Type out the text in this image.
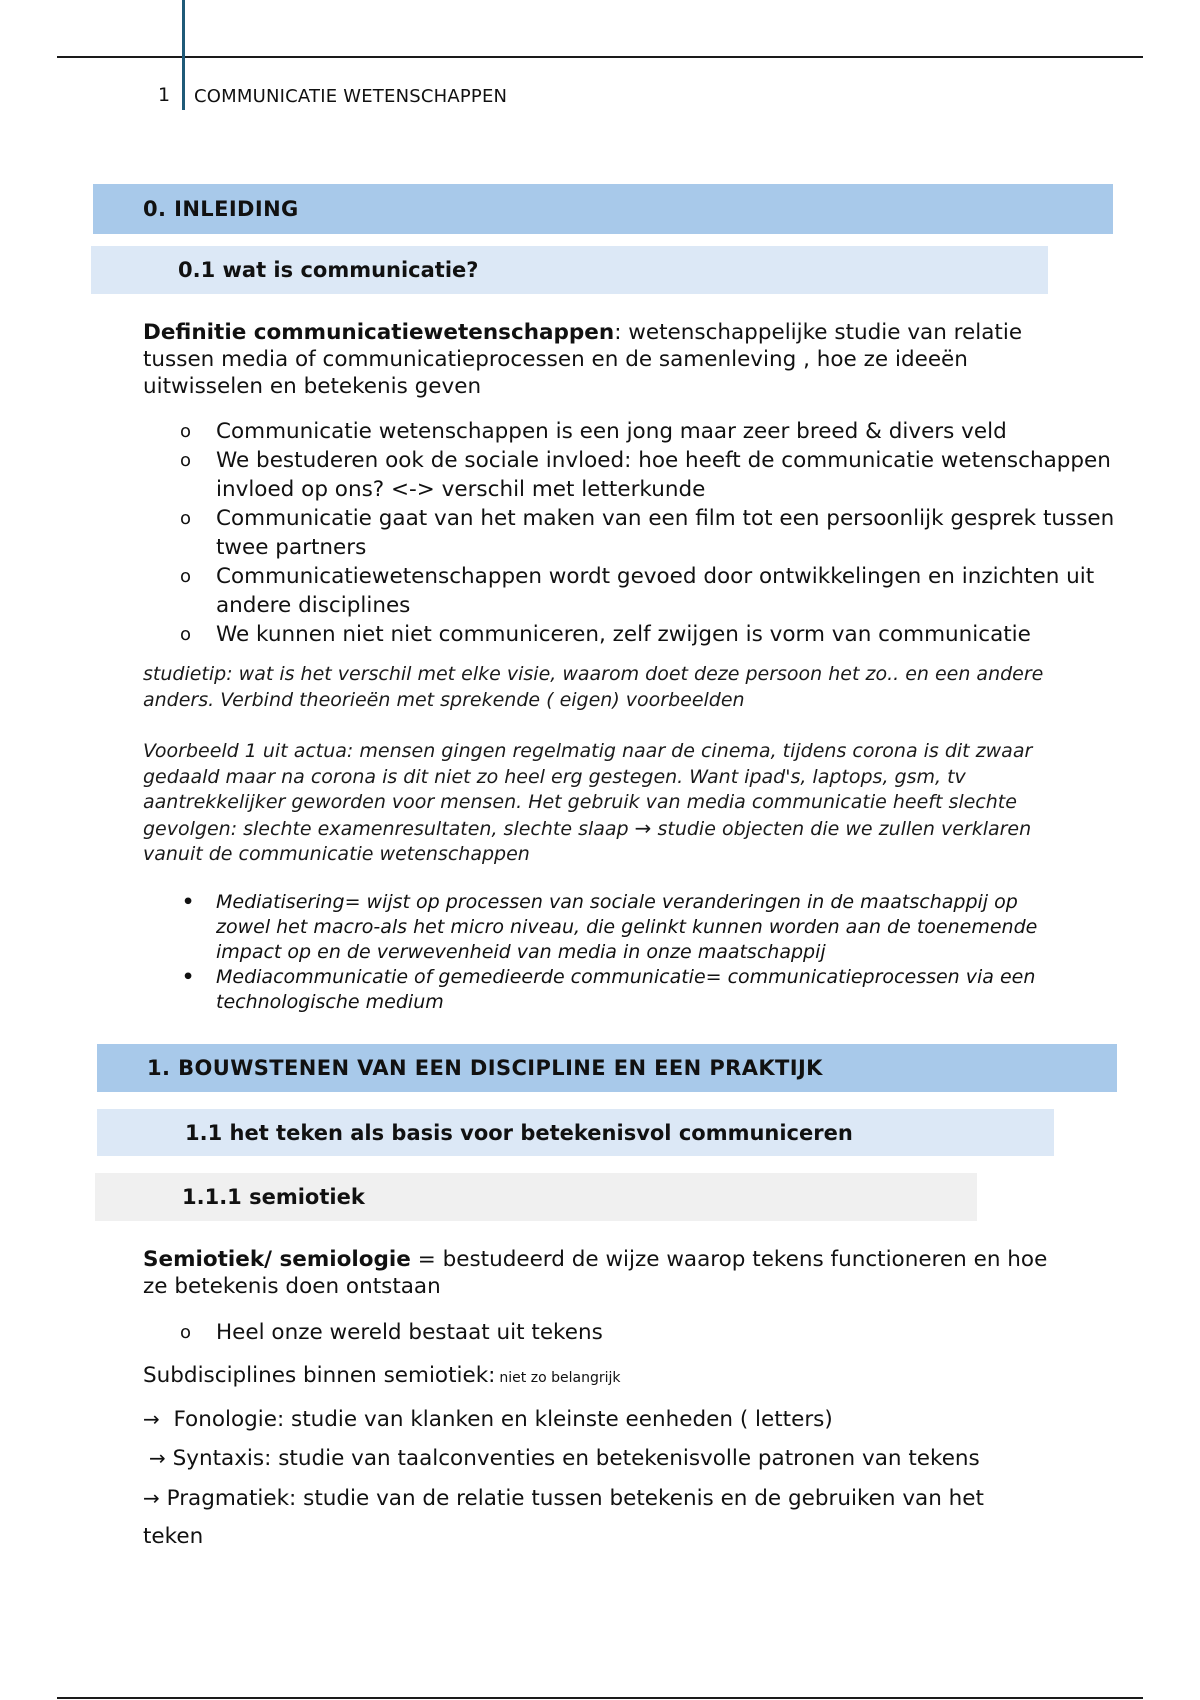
1 COMMUNICATIE WETENSCHAPPEN
0. INLEIDING
0.1 wat is communicatie?
Definitie communicatiewetenschappen: wetenschappelijke studie van relatie tussen media of communicatieprocessen en de samenleving , hoe ze ideeën uitwisselen en betekenis geven
o Communicatie wetenschappen is een jong maar zeer breed & divers veld
o We bestuderen ook de sociale invloed: hoe heeft de communicatie wetenschappen invloed op ons? <-> verschil met letterkunde
o Communicatie gaat van het maken van een film tot een persoonlijk gesprek tussen twee partners
o Communicatiewetenschappen wordt gevoed door ontwikkelingen en inzichten uit andere disciplines
o We kunnen niet niet communiceren, zelf zwijgen is vorm van communicatie
studietip: wat is het verschil met elke visie, waarom doet deze persoon het zo.. en een andere anders. Verbind theorieën met sprekende ( eigen) voorbeelden
Voorbeeld 1 uit actua: mensen gingen regelmatig naar de cinema, tijdens corona is dit zwaar gedaald maar na corona is dit niet zo heel erg gestegen. Want ipad's, laptops, gsm, tv aantrekkelijker geworden voor mensen. Het gebruik van media communicatie heeft slechte gevolgen: slechte examenresultaten, slechte slaap → studie objecten die we zullen verklaren vanuit de communicatie wetenschappen
• Mediatisering= wijst op processen van sociale veranderingen in de maatschappij op zowel het macro-als het micro niveau, die gelinkt kunnen worden aan de toenemende impact op en de verwevenheid van media in onze maatschappij
• Mediacommunicatie of gemedieerde communicatie= communicatieprocessen via een technologische medium
1. BOUWSTENEN VAN EEN DISCIPLINE EN EEN PRAKTIJK
1.1 het teken als basis voor betekenisvol communiceren
1.1.1 semiotiek
Semiotiek/ semiologie = bestudeerd de wijze waarop tekens functioneren en hoe ze betekenis doen ontstaan
o Heel onze wereld bestaat uit tekens
Subdisciplines binnen semiotiek: niet zo belangrijk
→ Fonologie: studie van klanken en kleinste eenheden ( letters)
→ Syntaxis: studie van taalconventies en betekenisvolle patronen van tekens
→ Pragmatiek: studie van de relatie tussen betekenis en de gebruiken van het
teken
